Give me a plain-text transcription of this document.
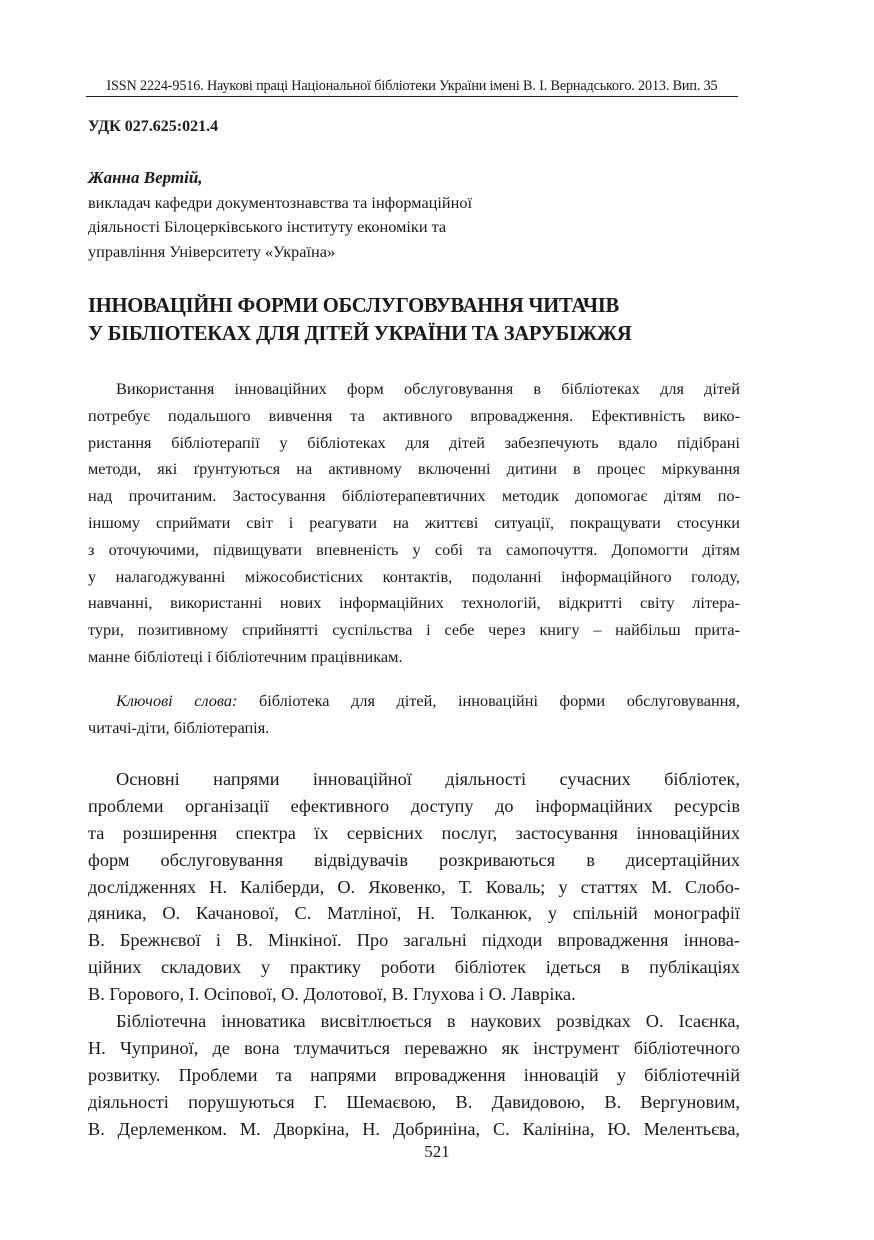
ISSN 2224-9516. Наукові праці Національної бібліотеки України імені В. І. Вернадського. 2013. Вип. 35
УДК 027.625:021.4
Жанна Вертій,
викладач кафедри документознавства та інформаційної
діяльності Білоцерківського інституту економіки та
управління Університету «Україна»
ІННОВАЦІЙНІ ФОРМИ ОБСЛУГОВУВАННЯ ЧИТАЧІВ
У БІБЛІОТЕКАХ ДЛЯ ДІТЕЙ УКРАЇНИ ТА ЗАРУБІЖЖЯ
Використання інноваційних форм обслуговування в бібліотеках для дітей
потребує подальшого вивчення та активного впровадження. Ефективність вико-
ристання бібліотерапії у бібліотеках для дітей забезпечують вдало підібрані
методи, які ґрунтуються на активному включенні дитини в процес міркування
над прочитаним. Застосування бібліотерапевтичних методик допомогає дітям по-
іншому сприймати світ і реагувати на життєві ситуації, покращувати стосунки
з оточуючими, підвищувати впевненість у собі та самопочуття. Допомогти дітям
у налагоджуванні міжособистісних контактів, подоланні інформаційного голоду,
навчанні, використанні нових інформаційних технологій, відкритті світу літера-
тури, позитивному сприйнятті суспільства і себе через книгу – найбільш прита-
манне бібліотеці і бібліотечним працівникам.
Ключові слова: бібліотека для дітей, інноваційні форми обслуговування,
читачі-діти, бібліотерапія.
Основні напрями інноваційної діяльності сучасних бібліотек,
проблеми організації ефективного доступу до інформаційних ресурсів
та розширення спектра їх сервісних послуг, застосування інноваційних
форм обслуговування відвідувачів розкриваються в дисертаційних
дослідженнях Н. Каліберди, О. Яковенко, Т. Коваль; у статтях М. Слобо-
дяника, О. Качанової, С. Матліної, Н. Толканюк, у спільній монографії
В. Брежнєвої і В. Мінкіної. Про загальні підходи впровадження іннова-
ційних складових у практику роботи бібліотек ідеться в публікаціях
В. Горового, І. Осіпової, О. Долотової, В. Глухова і О. Лавріка.
Бібліотечна інноватика висвітлюється в наукових розвідках О. Ісаєнка,
Н. Чуприної, де вона тлумачиться переважно як інструмент бібліотечного
розвитку. Проблеми та напрями впровадження інновацій у бібліотечній
діяльності порушуються Г. Шемаєвою, В. Давидовою, В. Вергуновим,
В. Дерлеменком. М. Дворкіна, Н. Добриніна, С. Калініна, Ю. Мелентьєва,
521
